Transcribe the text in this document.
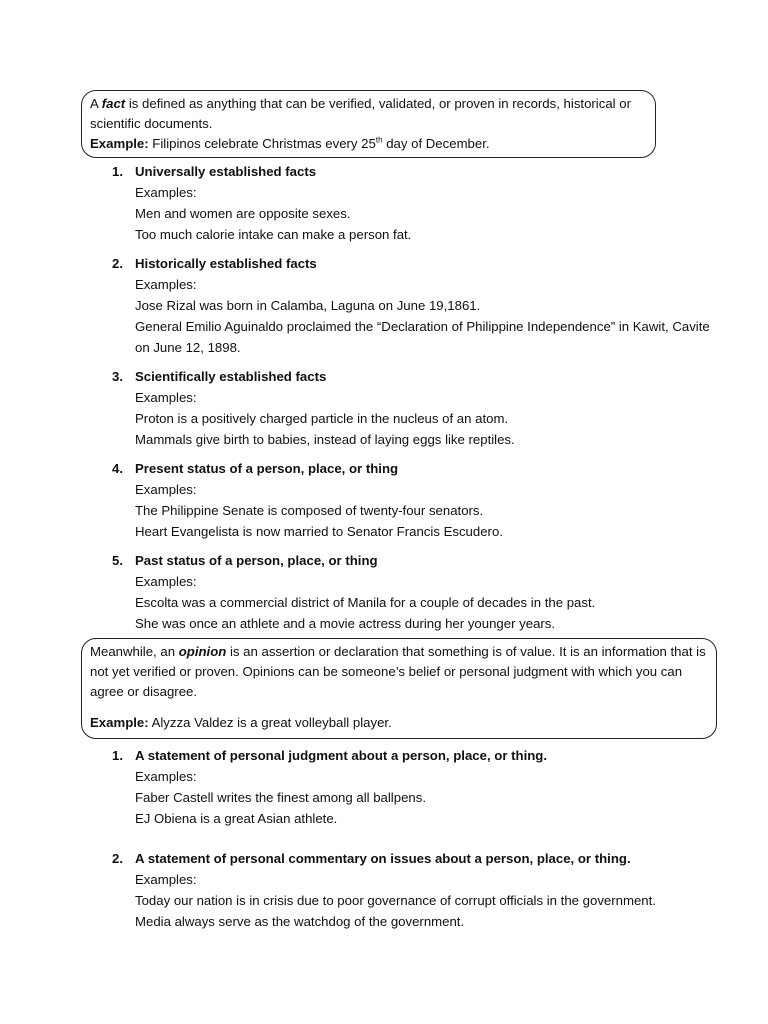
A fact is defined as anything that can be verified, validated, or proven in records, historical or scientific documents.

Example: Filipinos celebrate Christmas every 25th day of December.

1. Universally established facts
Examples:
Men and women are opposite sexes.
Too much calorie intake can make a person fat.
2. Historically established facts
Examples:
Jose Rizal was born in Calamba, Laguna on June 19,1861.
General Emilio Aguinaldo proclaimed the “Declaration of Philippine Independence” in Kawit, Cavite
on June 12, 1898.
3. Scientifically established facts
Examples:
Proton is a positively charged particle in the nucleus of an atom.
Mammals give birth to babies, instead of laying eggs like reptiles.
4. Present status of a person, place, or thing
Examples:
The Philippine Senate is composed of twenty-four senators.
Heart Evangelista is now married to Senator Francis Escudero.
5. Past status of a person, place, or thing
Examples:
Escolta was a commercial district of Manila for a couple of decades in the past.
She was once an athlete and a movie actress during her younger years.

Meanwhile, an opinion is an assertion or declaration that something is of value. It is an information that is not yet verified or proven. Opinions can be someone’s belief or personal judgment with which you can agree or disagree.

Example: Alyzza Valdez is a great volleyball player.

1. A statement of personal judgment about a person, place, or thing.
Examples:
Faber Castell writes the finest among all ballpens.
EJ Obiena is a great Asian athlete.
2. A statement of personal commentary on issues about a person, place, or thing.
Examples:
Today our nation is in crisis due to poor governance of corrupt officials in the government.
Media always serve as the watchdog of the government.
